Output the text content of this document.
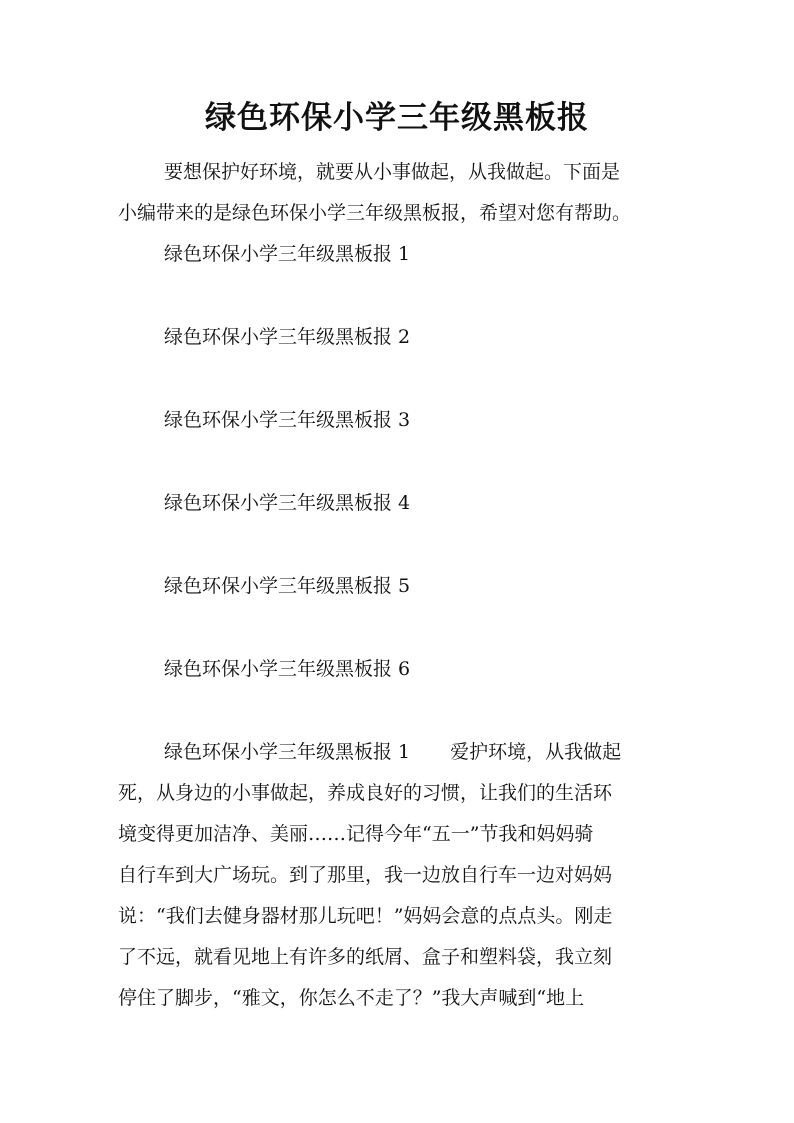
绿色环保小学三年级黑板报
要想保护好环境，就要从小事做起，从我做起。下面是
小编带来的是绿色环保小学三年级黑板报，希望对您有帮助。
绿色环保小学三年级黑板报 1
绿色环保小学三年级黑板报 2
绿色环保小学三年级黑板报 3
绿色环保小学三年级黑板报 4
绿色环保小学三年级黑板报 5
绿色环保小学三年级黑板报 6
绿色环保小学三年级黑板报 1 爱护环境，从我做起
死，从身边的小事做起，养成良好的习惯，让我们的生活环
境变得更加洁净、美丽……记得今年“五一”节我和妈妈骑
自行车到大广场玩。到了那里，我一边放自行车一边对妈妈
说：“我们去健身器材那儿玩吧！”妈妈会意的点点头。刚走
了不远，就看见地上有许多的纸屑、盒子和塑料袋，我立刻
停住了脚步，“雅文，你怎么不走了？”我大声喊到“地上
